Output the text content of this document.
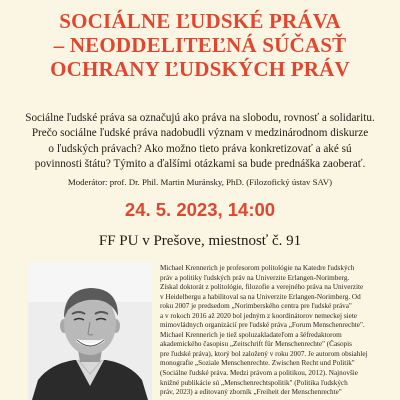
SOCIÁLNE ĽUDSKÉ PRÁVA
– NEODDELITEĽNÁ SÚČASŤ
OCHRANY ĽUDSKÝCH PRÁV
Sociálne ľudské práva sa označujú ako práva na slobodu, rovnosť a solidaritu.
Prečo sociálne ľudské práva nadobudli význam v medzinárodnom diskurze
o ľudských právach? Ako možno tieto práva konkretizovať a aké sú
povinnosti štátu? Týmito a ďalšími otázkami sa bude prednáška zaoberať.
Moderátor: prof. Dr. Phil. Martin Muránsky, PhD. (Filozofický ústav SAV)
24. 5. 2023, 14:00
FF PU v Prešove, miestnosť č. 91
Michael Krennerich je profesorom politológie na Katedre ľudských
práv a politiky ľudských práv na Univerzite Erlangen-Norimberg.
Získal doktorát z politológie, filozofie a verejného práva na Univerzite
v Heidelbergu a habilitoval sa na Univerzite Erlangen-Norimberg. Od
roku 2007 je predsedom „Norimberského centra pre ľudské práva"
a v rokoch 2016 až 2020 bol jedným z koordinátorov nemeckej siete
mimovládnych organizácií pre ľudské práva „Forum Menschenrechte".
Michael Krennerich je tiež spoluzakladateľom a šéfredaktorom
akademického časopisu „Zeitschrift für Menschenrechte" (Časopis
pre ľudské práva), ktorý bol založený v roku 2007. Je autorom obsiahlej
monografie „Soziale Menschenrechte. Zwischen Recht und Politik"
(Sociálne ľudské práva. Medzi právom a politikou, 2012). Najnovšie
knižné publikácie sú „Menschenrechtspolitik" (Politika ľudských
práv, 2023) a editovaný zborník „Freiheit der Menschenrechte"
